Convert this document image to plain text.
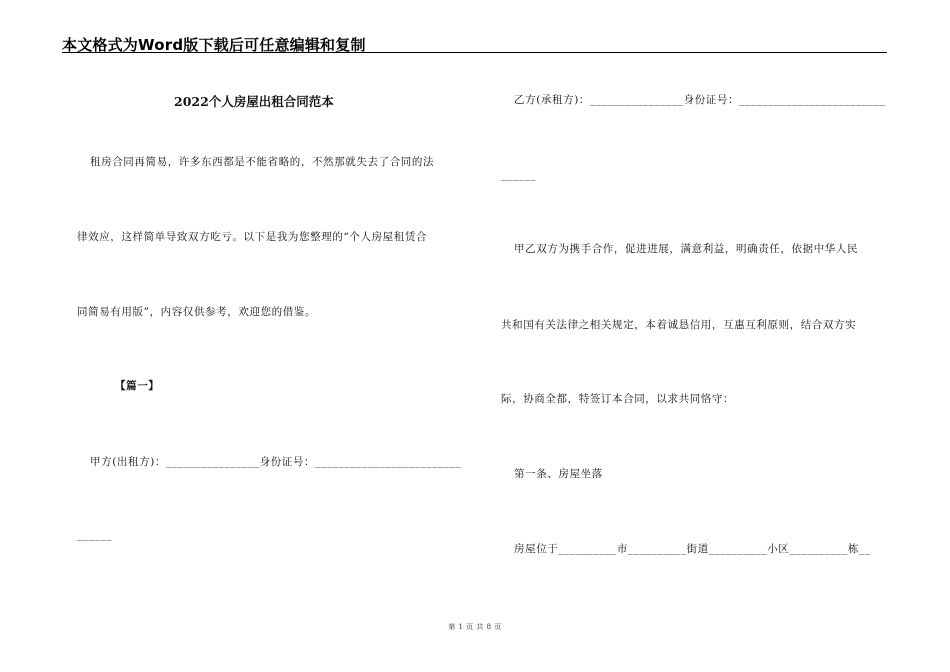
本文格式为Word版下载后可任意编辑和复制
2022个人房屋出租合同范本
租房合同再简易，许多东西都是不能省略的，不然那就失去了合同的法
律效应，这样简单导致双方吃亏。以下是我为您整理的“个人房屋租赁合
同简易有用版”，内容仅供参考，欢迎您的借鉴。
【篇一】
甲方(出租方)：________________身份证号：_________________________
______
乙方(承租方)：________________身份证号：_________________________
______
甲乙双方为携手合作，促进进展，满意利益，明确责任，依据中华人民
共和国有关法律之相关规定，本着诚恳信用，互惠互利原则，结合双方实
际，协商全都，特签订本合同，以求共同恪守：
第一条、房屋坐落
房屋位于__________市__________街道__________小区__________栋__
第 1 页 共 8 页
